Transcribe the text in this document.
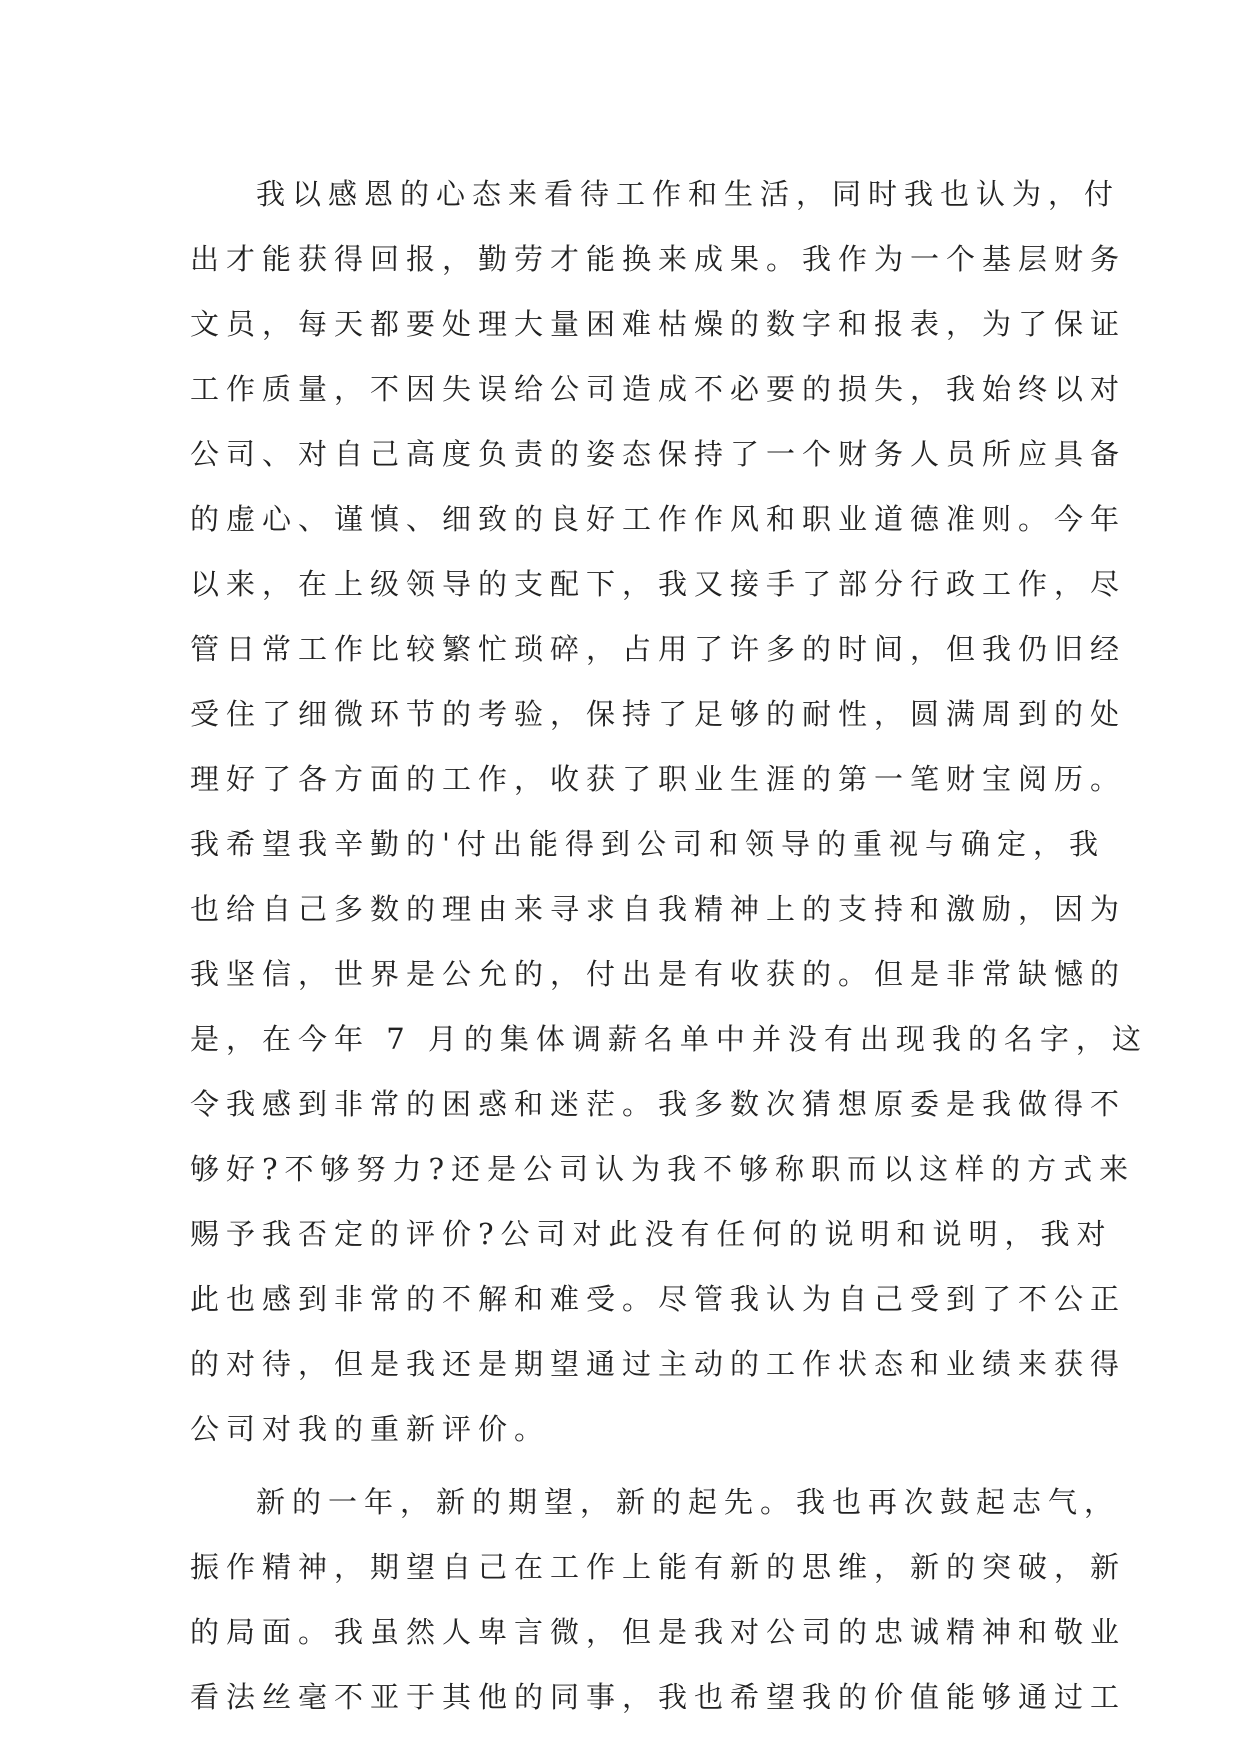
我以感恩的心态来看待工作和生活，同时我也认为，付
出才能获得回报，勤劳才能换来成果。我作为一个基层财务
文员，每天都要处理大量困难枯燥的数字和报表，为了保证
工作质量，不因失误给公司造成不必要的损失，我始终以对
公司、对自己高度负责的姿态保持了一个财务人员所应具备
的虚心、谨慎、细致的良好工作作风和职业道德准则。今年
以来，在上级领导的支配下，我又接手了部分行政工作，尽
管日常工作比较繁忙琐碎，占用了许多的时间，但我仍旧经
受住了细微环节的考验，保持了足够的耐性，圆满周到的处
理好了各方面的工作，收获了职业生涯的第一笔财宝阅历。
我希望我辛勤的'付出能得到公司和领导的重视与确定，我
也给自己多数的理由来寻求自我精神上的支持和激励，因为
我坚信，世界是公允的，付出是有收获的。但是非常缺憾的
是，在今年 7 月的集体调薪名单中并没有出现我的名字，这
令我感到非常的困惑和迷茫。我多数次猜想原委是我做得不
够好?不够努力?还是公司认为我不够称职而以这样的方式来
赐予我否定的评价?公司对此没有任何的说明和说明，我对
此也感到非常的不解和难受。尽管我认为自己受到了不公正
的对待，但是我还是期望通过主动的工作状态和业绩来获得
公司对我的重新评价。
新的一年，新的期望，新的起先。我也再次鼓起志气，
振作精神，期望自己在工作上能有新的思维，新的突破，新
的局面。我虽然人卑言微，但是我对公司的忠诚精神和敬业
看法丝毫不亚于其他的同事，我也希望我的价值能够通过工
